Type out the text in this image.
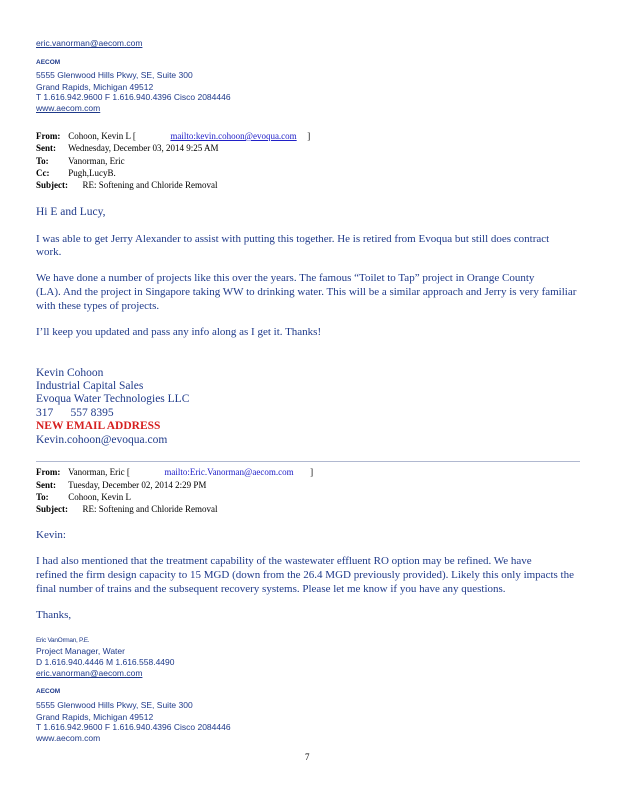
eric.vanorman@aecom.com
AECOM
5555 Glenwood Hills Pkwy, SE, Suite 300
Grand Rapids, Michigan 49512
T 1.616.942.9600 F 1.616.940.4396 Cisco 2084446
www.aecom.com
From: Cohoon, Kevin L [	mailto:kevin.cohoon@evoqua.com ]
Sent: Wednesday, December 03, 2014 9:25 AM
To: Vanorman, Eric
Cc: Pugh,LucyB.
Subject: RE: Softening and Chloride Removal
Hi E and Lucy,
I was able to get Jerry Alexander to assist with putting this together. He is retired from Evoqua but still does contract
work.
We have done a number of projects like this over the years. The famous “Toilet to Tap” project in Orange County
(LA). And the project in Singapore taking WW to drinking water. This will be a similar approach and Jerry is very familiar
with these types of projects.
I’ll keep you updated and pass any info along as I get it. Thanks!
Kevin Cohoon
Industrial Capital Sales
Evoqua Water Technologies LLC
317      557 8395
NEW EMAIL ADDRESS
Kevin.cohoon@evoqua.com
From: Vanorman, Eric [	mailto:Eric.Vanorman@aecom.com ]
Sent: Tuesday, December 02, 2014 2:29 PM
To: Cohoon, Kevin L
Subject: RE: Softening and Chloride Removal
Kevin:
I had also mentioned that the treatment capability of the wastewater effluent RO option may be refined. We have
refined the firm design capacity to 15 MGD (down from the 26.4 MGD previously provided). Likely this only impacts the
final number of trains and the subsequent recovery systems. Please let me know if you have any questions.
Thanks,
Eric VanOrman, P.E.
Project Manager, Water
D 1.616.940.4446 M 1.616.558.4490
eric.vanorman@aecom.com
AECOM
5555 Glenwood Hills Pkwy, SE, Suite 300
Grand Rapids, Michigan 49512
T 1.616.942.9600 F 1.616.940.4396 Cisco 2084446
www.aecom.com
7
